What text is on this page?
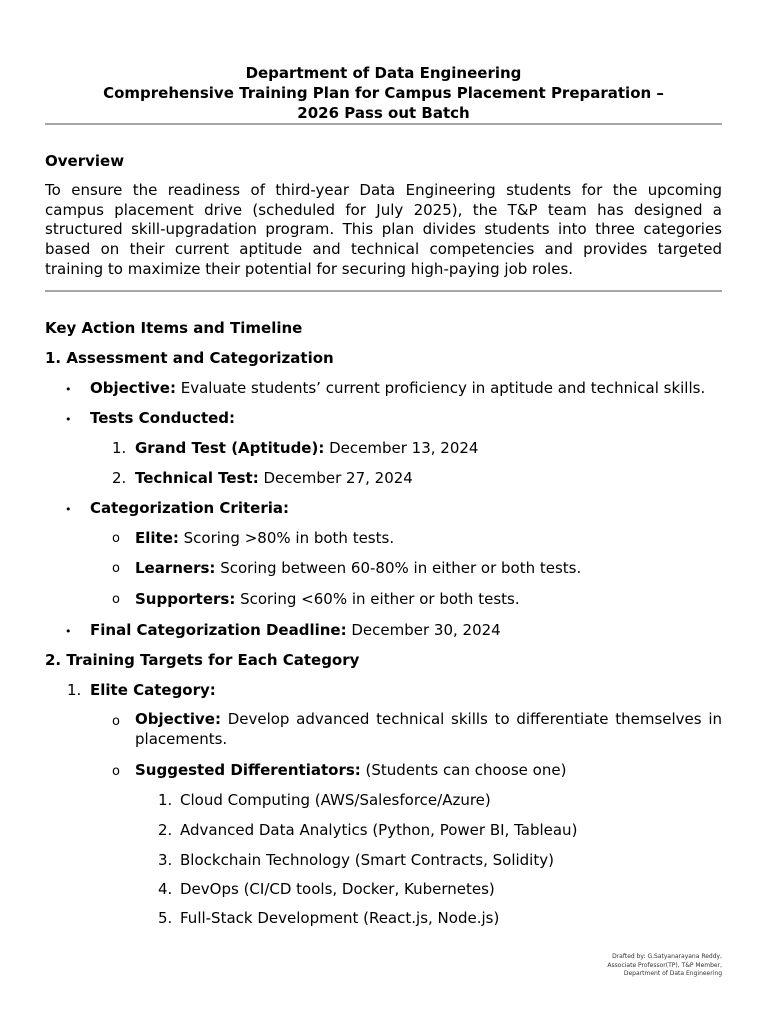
Department of Data Engineering
Comprehensive Training Plan for Campus Placement Preparation –
2026 Pass out Batch
Overview
To ensure the readiness of third-year Data Engineering students for the upcoming campus placement drive (scheduled for July 2025), the T&P team has designed a structured skill-upgradation program. This plan divides students into three categories based on their current aptitude and technical competencies and provides targeted training to maximize their potential for securing high-paying job roles.
Key Action Items and Timeline
1. Assessment and Categorization
• Objective: Evaluate students’ current proficiency in aptitude and technical skills.
• Tests Conducted:
1. Grand Test (Aptitude): December 13, 2024
2. Technical Test: December 27, 2024
• Categorization Criteria:
o Elite: Scoring >80% in both tests.
o Learners: Scoring between 60-80% in either or both tests.
o Supporters: Scoring <60% in either or both tests.
• Final Categorization Deadline: December 30, 2024
2. Training Targets for Each Category
1. Elite Category:
o Objective: Develop advanced technical skills to differentiate themselves in placements.
o Suggested Differentiators: (Students can choose one)
1. Cloud Computing (AWS/Salesforce/Azure)
2. Advanced Data Analytics (Python, Power BI, Tableau)
3. Blockchain Technology (Smart Contracts, Solidity)
4. DevOps (CI/CD tools, Docker, Kubernetes)
5. Full-Stack Development (React.js, Node.js)
Drafted by: G.Satyanarayana Reddy,
Associate Professor(TP), T&P Member,
Department of Data Engineering
